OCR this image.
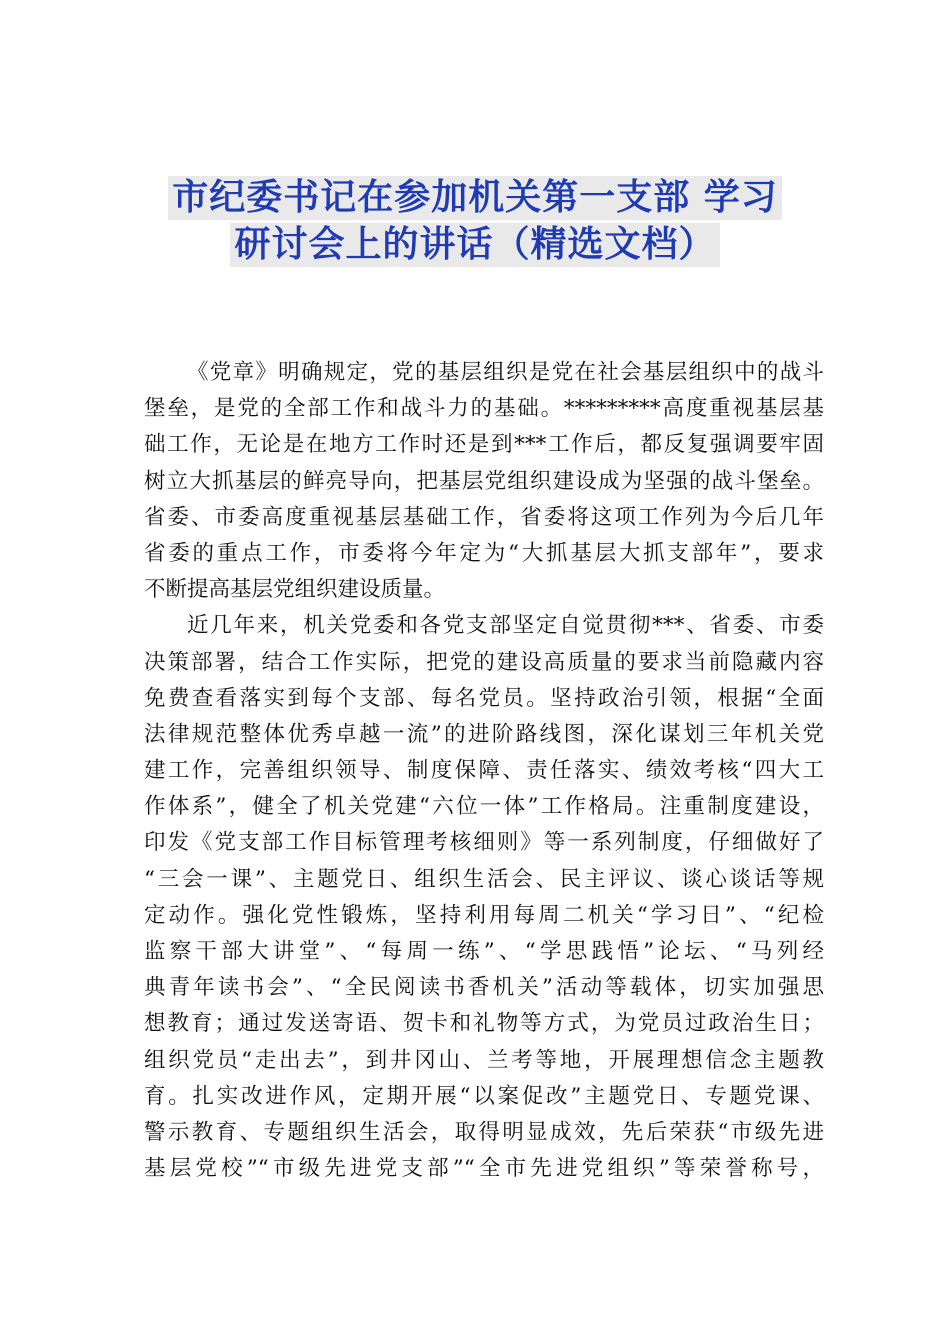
市纪委书记在参加机关第一支部 学习
研讨会上的讲话（精选文档）
《党章》明确规定，党的基层组织是党在社会基层组织中的战斗
堡垒，是党的全部工作和战斗力的基础。*********高度重视基层基
础工作，无论是在地方工作时还是到***工作后，都反复强调要牢固
树立大抓基层的鲜亮导向，把基层党组织建设成为坚强的战斗堡垒。
省委、市委高度重视基层基础工作，省委将这项工作列为今后几年
省委的重点工作，市委将今年定为“大抓基层大抓支部年”，要求
不断提高基层党组织建设质量。
近几年来，机关党委和各党支部坚定自觉贯彻***、省委、市委
决策部署，结合工作实际，把党的建设高质量的要求当前隐藏内容
免费查看落实到每个支部、每名党员。坚持政治引领，根据“全面
法律规范整体优秀卓越一流”的进阶路线图，深化谋划三年机关党
建工作，完善组织领导、制度保障、责任落实、绩效考核“四大工
作体系”，健全了机关党建“六位一体”工作格局。注重制度建设，
印发《党支部工作目标管理考核细则》等一系列制度，仔细做好了
“三会一课”、主题党日、组织生活会、民主评议、谈心谈话等规
定动作。强化党性锻炼，坚持利用每周二机关“学习日”、“纪检
监察干部大讲堂”、“每周一练”、“学思践悟”论坛、“马列经
典青年读书会”、“全民阅读书香机关”活动等载体，切实加强思
想教育；通过发送寄语、贺卡和礼物等方式，为党员过政治生日；
组织党员“走出去”，到井冈山、兰考等地，开展理想信念主题教
育。扎实改进作风，定期开展“以案促改”主题党日、专题党课、
警示教育、专题组织生活会，取得明显成效，先后荣获“市级先进
基层党校”“市级先进党支部”“全市先进党组织”等荣誉称号，
